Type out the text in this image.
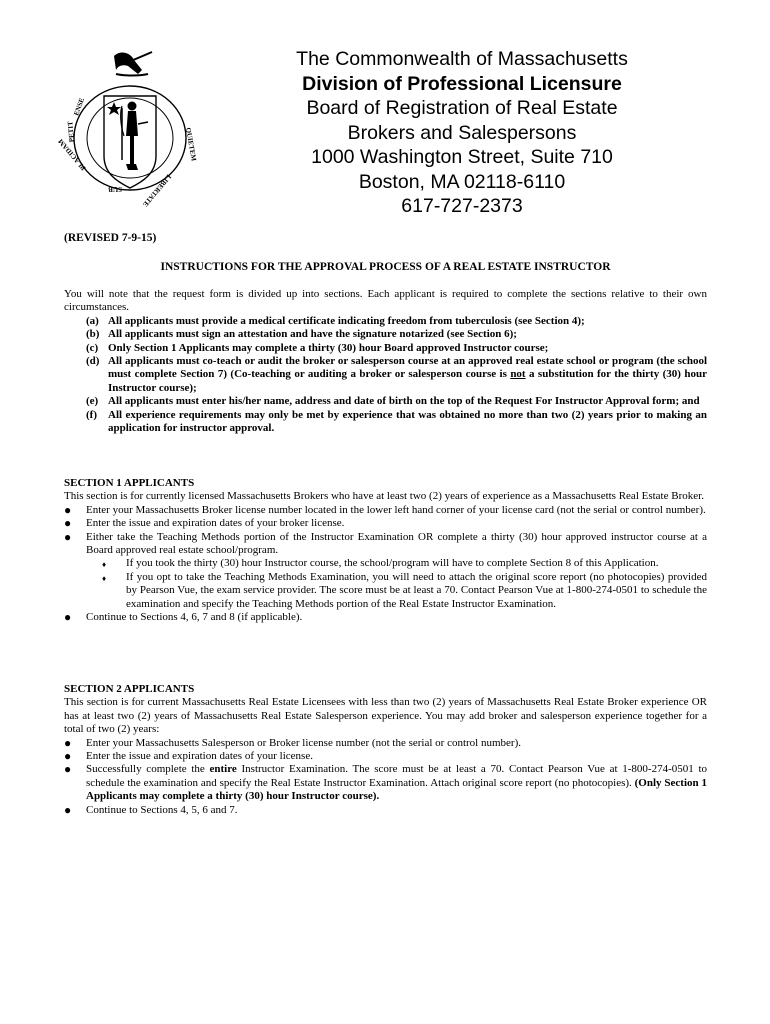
ENSE
PETIT
PLACIDAM
SUB	LIBERTATE
QUIETEM
The Commonwealth of Massachusetts
Division of Professional Licensure
Board of Registration of Real Estate
Brokers and Salespersons
1000 Washington Street, Suite 710
Boston, MA 02118-6110
617-727-2373
(REVISED 7-9-15)
INSTRUCTIONS FOR THE APPROVAL PROCESS OF A REAL ESTATE INSTRUCTOR
You will note that the request form is divided up into sections. Each applicant is required to complete the sections relative to their own circumstances.
(a) All applicants must provide a medical certificate indicating freedom from tuberculosis (see Section 4);
(b) All applicants must sign an attestation and have the signature notarized (see Section 6);
(c) Only Section 1 Applicants may complete a thirty (30) hour Board approved Instructor course;
(d) All applicants must co-teach or audit the broker or salesperson course at an approved real estate school or program (the school must complete Section 7) (Co-teaching or auditing a broker or salesperson course is not a substitution for the thirty (30) hour Instructor course);
(e) All applicants must enter his/her name, address and date of birth on the top of the Request For Instructor Approval form; and
(f) All experience requirements may only be met by experience that was obtained no more than two (2) years prior to making an application for instructor approval.
SECTION 1 APPLICANTS
This section is for currently licensed Massachusetts Brokers who have at least two (2) years of experience as a Massachusetts Real Estate Broker.
● Enter your Massachusetts Broker license number located in the lower left hand corner of your license card (not the serial or control number).
● Enter the issue and expiration dates of your broker license.
● Either take the Teaching Methods portion of the Instructor Examination OR complete a thirty (30) hour approved instructor course at a Board approved real estate school/program.
♦ If you took the thirty (30) hour Instructor course, the school/program will have to complete Section 8 of this Application.
♦ If you opt to take the Teaching Methods Examination, you will need to attach the original score report (no photocopies) provided by Pearson Vue, the exam service provider. The score must be at least a 70. Contact Pearson Vue at 1-800-274-0501 to schedule the examination and specify the Teaching Methods portion of the Real Estate Instructor Examination.
● Continue to Sections 4, 6, 7 and 8 (if applicable).
SECTION 2 APPLICANTS
This section is for current Massachusetts Real Estate Licensees with less than two (2) years of Massachusetts Real Estate Broker experience OR has at least two (2) years of Massachusetts Real Estate Salesperson experience. You may add broker and salesperson experience together for a total of two (2) years:
● Enter your Massachusetts Salesperson or Broker license number (not the serial or control number).
● Enter the issue and expiration dates of your license.
● Successfully complete the entire Instructor Examination. The score must be at least a 70. Contact Pearson Vue at 1-800-274-0501 to schedule the examination and specify the Real Estate Instructor Examination. Attach original score report (no photocopies). (Only Section 1 Applicants may complete a thirty (30) hour Instructor course).
● Continue to Sections 4, 5, 6 and 7.
